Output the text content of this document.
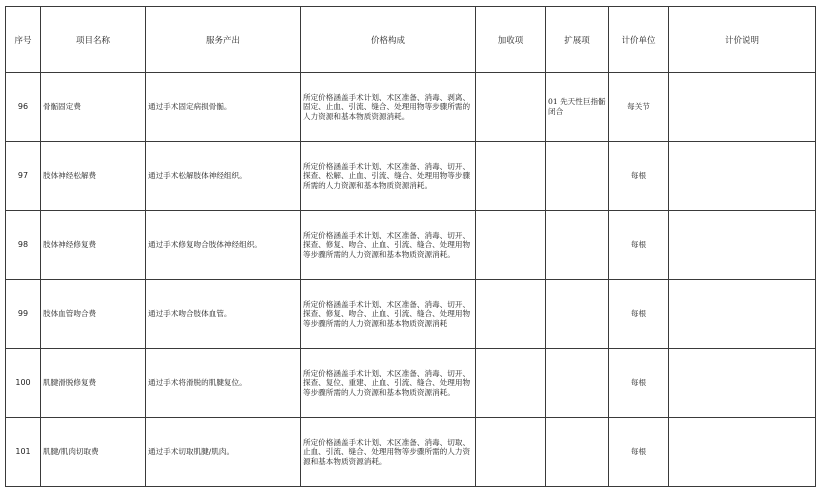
序号	项目名称	服务产出	价格构成	加收项	扩展项	计价单位	计价说明
96	骨骺固定费	通过手术固定病损骨骺。	所定价格涵盖手术计划、术区准备、消毒、剥离、固定、止血、引流、缝合、处理用物等步骤所需的人力资源和基本物质资源消耗。		01 先天性巨指骺闭合	每关节	
97	肢体神经松解费	通过手术松解肢体神经组织。	所定价格涵盖手术计划、术区准备、消毒、切开、探查、松解、止血、引流、缝合、处理用物等步骤所需的人力资源和基本物质资源消耗。			每根	
98	肢体神经修复费	通过手术修复吻合肢体神经组织。	所定价格涵盖手术计划、术区准备、消毒、切开、探查、修复、吻合、止血、引流、缝合、处理用物等步骤所需的人力资源和基本物质资源消耗。			每根	
99	肢体血管吻合费	通过手术吻合肢体血管。	所定价格涵盖手术计划、术区准备、消毒、切开、探查、修复、吻合、止血、引流、缝合、处理用物等步骤所需的人力资源和基本物质资源消耗			每根	
100	肌腱滑脱修复费	通过手术将滑脱的肌腱复位。	所定价格涵盖手术计划、术区准备、消毒、切开、探查、复位、重建、止血、引流、缝合、处理用物等步骤所需的人力资源和基本物质资源消耗。			每根	
101	肌腱/肌肉切取费	通过手术切取肌腱/肌肉。	所定价格涵盖手术计划、术区准备、消毒、切取、止血、引流、缝合、处理用物等步骤所需的人力资源和基本物质资源消耗。			每根	
